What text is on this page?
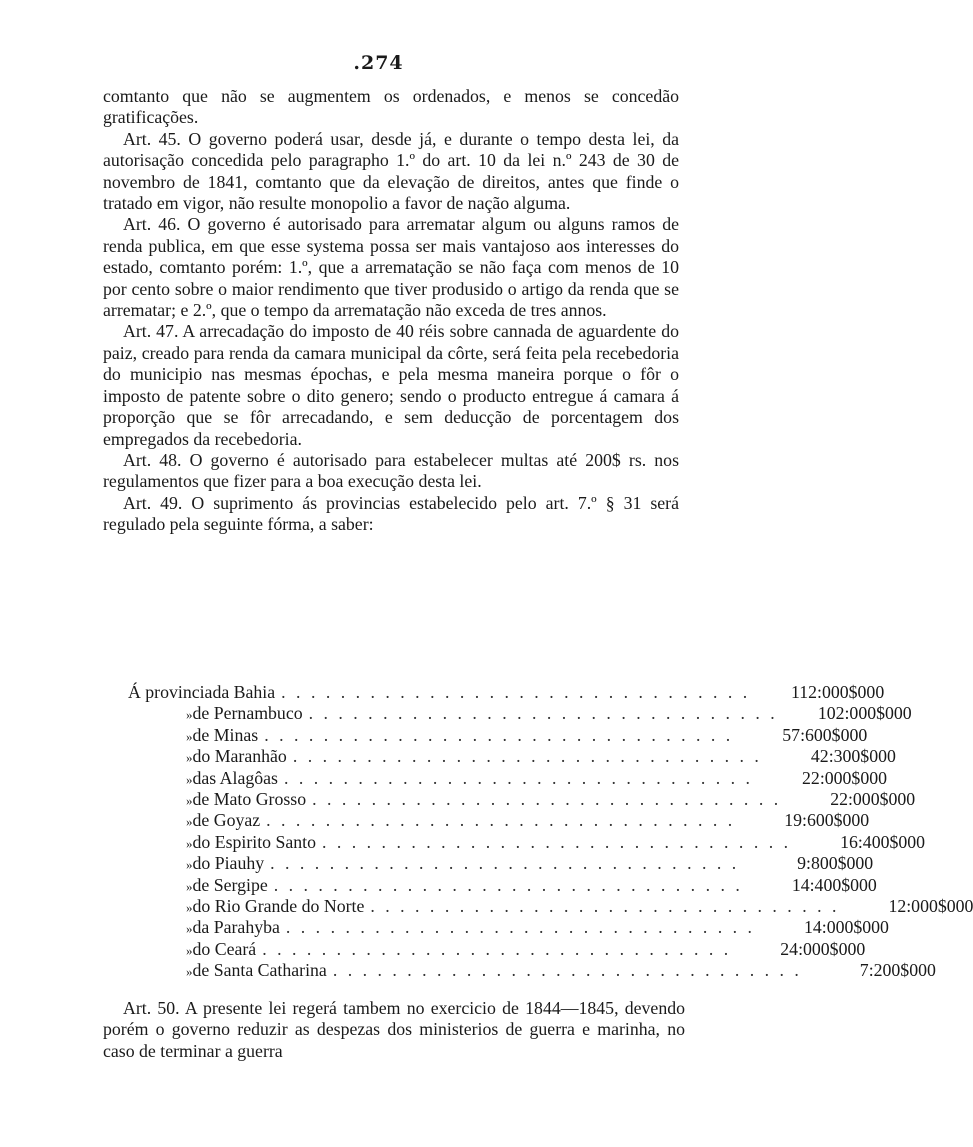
.274

comtanto que não se augmentem os ordenados, e menos se concedão gratificações.

Art. 45. O governo poderá usar, desde já, e durante o tempo desta lei, da autorisação concedida pelo paragrapho 1.º do art. 10 da lei n.º 243 de 30 de novembro de 1841, comtanto que da elevação de direitos, antes que finde o tratado em vigor, não resulte monopolio a favor de nação alguma.

Art. 46. O governo é autorisado para arrematar algum ou alguns ramos de renda publica, em que esse systema possa ser mais vantajoso aos interesses do estado, comtanto porém: 1.º, que a arrematação se não faça com menos de 10 por cento sobre o maior rendimento que tiver produsido o artigo da renda que se arrematar; e 2.º, que o tempo da arrematação não exceda de tres annos.

Art. 47. A arrecadação do imposto de 40 réis sobre cannada de aguardente do paiz, creado para renda da camara municipal da côrte, será feita pela recebedoria do municipio nas mesmas épochas, e pela mesma maneira porque o fôr o imposto de patente sobre o dito genero; sendo o producto entregue á camara á proporção que se fôr arrecadando, e sem deducção de porcentagem dos empregados da recebedoria.

Art. 48. O governo é autorisado para estabelecer multas até 200$ rs. nos regulamentos que fizer para a boa execução desta lei.

Art. 49. O suprimento ás provincias estabelecido pelo art. 7.º § 31 será regulado pela seguinte fórma, a saber:

Á provincia da Bahia . . . . . . . . . . . . . . . . . . . . . . . . . . . . . . . .	112:000$000
» de Pernambuco . . . . . . . . . . . . . . . . . . . . . . . . . . . . . . . .	102:000$000
» de Minas . . . . . . . . . . . . . . . . . . . . . . . . . . . . . . . .	57:600$000
» do Maranhão . . . . . . . . . . . . . . . . . . . . . . . . . . . . . . . .	42:300$000
» das Alagôas . . . . . . . . . . . . . . . . . . . . . . . . . . . . . . . .	22:000$000
» de Mato Grosso . . . . . . . . . . . . . . . . . . . . . . . . . . . . . . . .	22:000$000
» de Goyaz . . . . . . . . . . . . . . . . . . . . . . . . . . . . . . . .	19:600$000
» do Espirito Santo . . . . . . . . . . . . . . . . . . . . . . . . . . . . . . . .	16:400$000
» do Piauhy . . . . . . . . . . . . . . . . . . . . . . . . . . . . . . . .	9:800$000
» de Sergipe . . . . . . . . . . . . . . . . . . . . . . . . . . . . . . . .	14:400$000
» do Rio Grande do Norte . . . . . . . . . . . . . . . . . . . . . . . . . . . . . . . .	12:000$000
» da Parahyba . . . . . . . . . . . . . . . . . . . . . . . . . . . . . . . .	14:000$000
» do Ceará . . . . . . . . . . . . . . . . . . . . . . . . . . . . . . . .	24:000$000
» de Santa Catharina . . . . . . . . . . . . . . . . . . . . . . . . . . . . . . . .	7:200$000

Art. 50. A presente lei regerá tambem no exercicio de 1844—1845, devendo porém o governo reduzir as despezas dos ministerios de guerra e marinha, no caso de terminar a guerra
